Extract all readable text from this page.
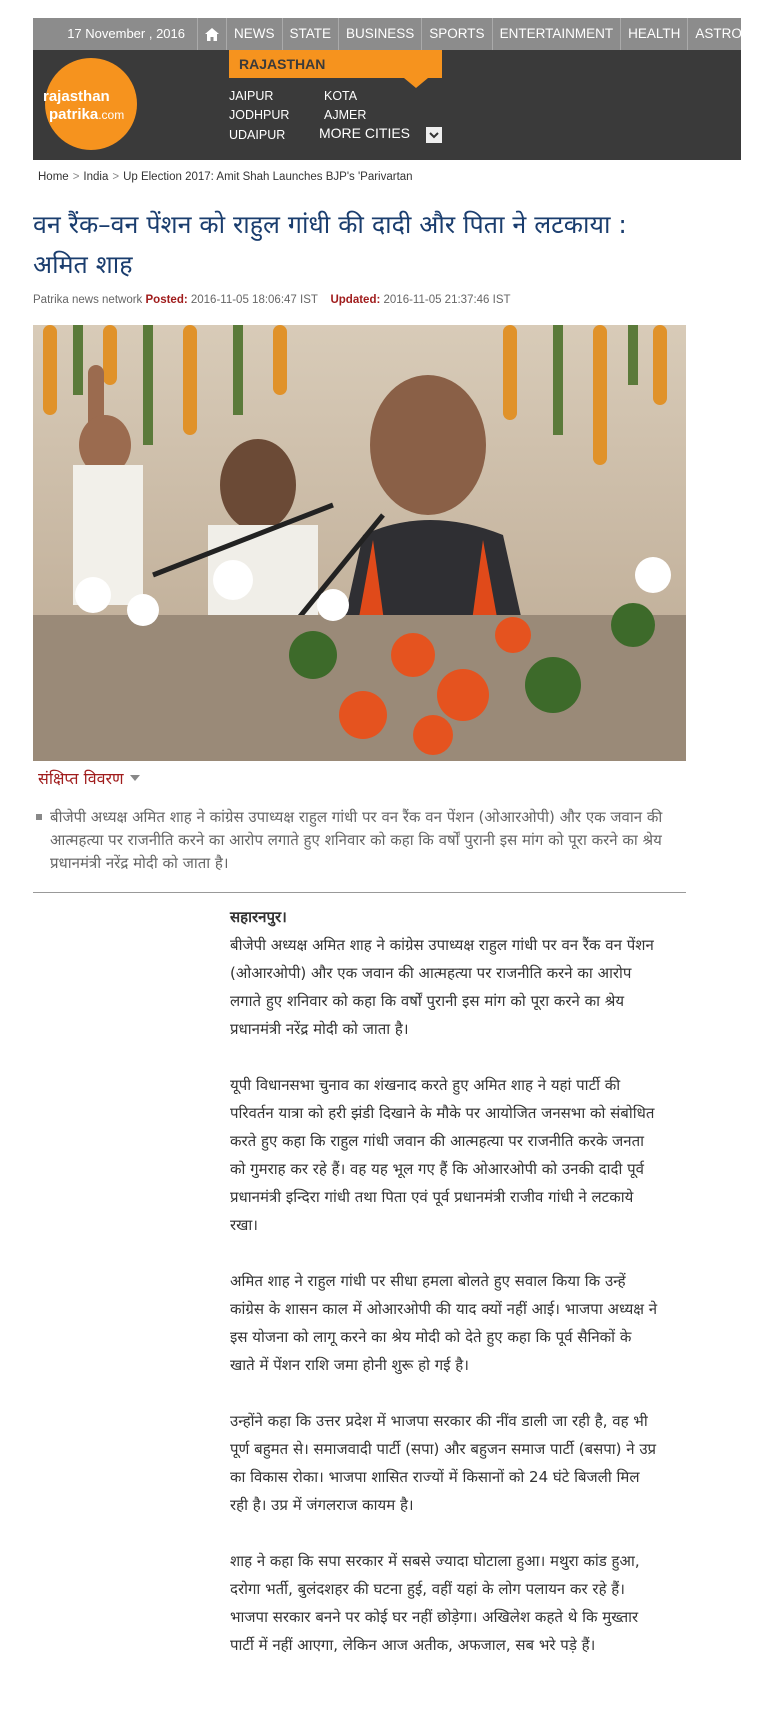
17 November , 2016	NEWS	STATE	BUSINESS	SPORTS	ENTERTAINMENT	HEALTH	ASTRO
rajasthan
patrika.com
RAJASTHAN
JAIPUR	KOTA
JODHPUR	AJMER
UDAIPUR MORE CITIES
Home > India > Up Election 2017: Amit Shah Launches BJP's 'Parivartan
वन रैंक–वन पेंशन को राहुल गांधी की दादी और पिता ने लटकाया : अमित शाह
Patrika news network Posted: 2016-11-05 18:06:47 IST Updated: 2016-11-05 21:37:46 IST
संक्षिप्त विवरण
बीजेपी अध्यक्ष अमित शाह ने कांग्रेस उपाध्यक्ष राहुल गांधी पर वन रैंक वन पेंशन (ओआरओपी) और एक जवान की आत्महत्या पर राजनीति करने का आरोप लगाते हुए शनिवार को कहा कि वर्षों पुरानी इस मांग को पूरा करने का श्रेय प्रधानमंत्री नरेंद्र मोदी को जाता है।

सहारनपुर।
बीजेपी अध्यक्ष अमित शाह ने कांग्रेस उपाध्यक्ष राहुल गांधी पर वन रैंक वन पेंशन (ओआरओपी) और एक जवान की आत्महत्या पर राजनीति करने का आरोप लगाते हुए शनिवार को कहा कि वर्षों पुरानी इस मांग को पूरा करने का श्रेय प्रधानमंत्री नरेंद्र मोदी को जाता है।

यूपी विधानसभा चुनाव का शंखनाद करते हुए अमित शाह ने यहां पार्टी की परिवर्तन यात्रा को हरी झंडी दिखाने के मौके पर आयोजित जनसभा को संबोधित करते हुए कहा कि राहुल गांधी जवान की आत्महत्या पर राजनीति करके जनता को गुमराह कर रहे हैं। वह यह भूल गए हैं कि ओआरओपी को उनकी दादी पूर्व प्रधानमंत्री इन्दिरा गांधी तथा पिता एवं पूर्व प्रधानमंत्री राजीव गांधी ने लटकाये रखा।

अमित शाह ने राहुल गांधी पर सीधा हमला बोलते हुए सवाल किया कि उन्हें कांग्रेस के शासन काल में ओआरओपी की याद क्यों नहीं आई। भाजपा अध्यक्ष ने इस योजना को लागू करने का श्रेय मोदी को देते हुए कहा कि पूर्व सैनिकों के खाते में पेंशन राशि जमा होनी शुरू हो गई है।

उन्होंने कहा कि उत्तर प्रदेश में भाजपा सरकार की नींव डाली जा रही है, वह भी पूर्ण बहुमत से। समाजवादी पार्टी (सपा) और बहुजन समाज पार्टी (बसपा) ने उप्र का विकास रोका। भाजपा शासित राज्यों में किसानों को 24 घंटे बिजली मिल रही है। उप्र में जंगलराज कायम है।

शाह ने कहा कि सपा सरकार में सबसे ज्यादा घोटाला हुआ। मथुरा कांड हुआ, दरोगा भर्ती, बुलंदशहर की घटना हुई, वहीं यहां के लोग पलायन कर रहे हैं। भाजपा सरकार बनने पर कोई घर नहीं छोड़ेगा। अखिलेश कहते थे कि मुख्तार पार्टी में नहीं आएगा, लेकिन आज अतीक, अफजाल, सब भरे पड़े हैं।
